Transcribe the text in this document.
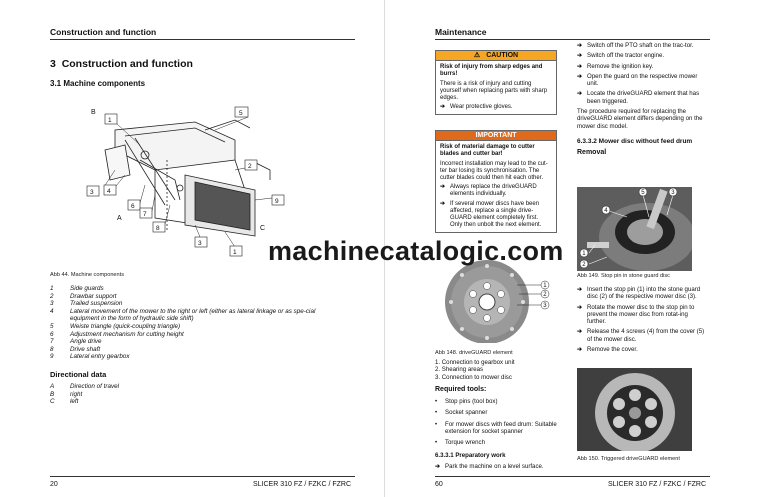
Construction and function
3 Construction and function
3.1 Machine components
1
5
2
3 4
6
7
8
9
3
1
A
B
C
Abb 44. Machine components
1	Side guards
2	Drawbar support
3	Trailed suspension
4	Lateral movement of the mower to the right or left (either as lateral linkage or as spe-cial equipment in the form of hydraulic side shift)
5	Weiste triangle (quick-coupling triangle)
6	Adjustment mechanism for cutting height
7	Angle drive
8	Drive shaft
9	Lateral entry gearbox
Directional data
A	Direction of travel
B	right
C	left
20	SLICER 310 FZ / FZKC / FZRC
Maintenance
⚠ CAUTION
Risk of injury from sharp edges and burrs!
There is a risk of injury and cutting yourself when replacing parts with sharp edges.
➔ Wear protective gloves.
IMPORTANT
Risk of material damage to cutter blades and cutter bar!
Incorrect installation may lead to the cut-ter bar losing its synchronisation. The cutter blades could then hit each other.
➔ Always replace the driveGUARD elements individually.
➔ If several mower discs have been affected, replace a single drive-GUARD element completely first. Only then unbolt the next element.
1
2
3
Abb 148. driveGUARD element
1. Connection to gearbox unit
2. Shearing areas
3. Connection to mower disc
Required tools:
•	Stop pins (tool box)
•	Socket spanner
•	For mower discs with feed drum: Suitable extension for socket spanner
•	Torque wrench
6.3.3.1 Preparatory work
➔ Park the machine on a level surface.
➔ Switch off the PTO shaft on the trac-tor.
➔ Switch off the tractor engine.
➔ Remove the ignition key.
➔ Open the guard on the respective mower unit.
➔ Locate the driveGUARD element that has been triggered.
The procedure required for replacing the driveGUARD element differs depending on the mower disc model.
6.3.3.2 Mower disc without feed drum
Removal
5	3
4
1
2
Abb 149. Stop pin in stone guard disc
➔ Insert the stop pin (1) into the stone guard disc (2) of the respective mower disc (3).
➔ Rotate the mower disc to the stop pin to prevent the mower disc from rotat-ing further.
➔ Release the 4 screws (4) from the cover (5) of the mower disc.
➔ Remove the cover.
Abb 150. Triggered driveGUARD element
60	SLICER 310 FZ / FZKC / FZRC
machinecatalogic.com
